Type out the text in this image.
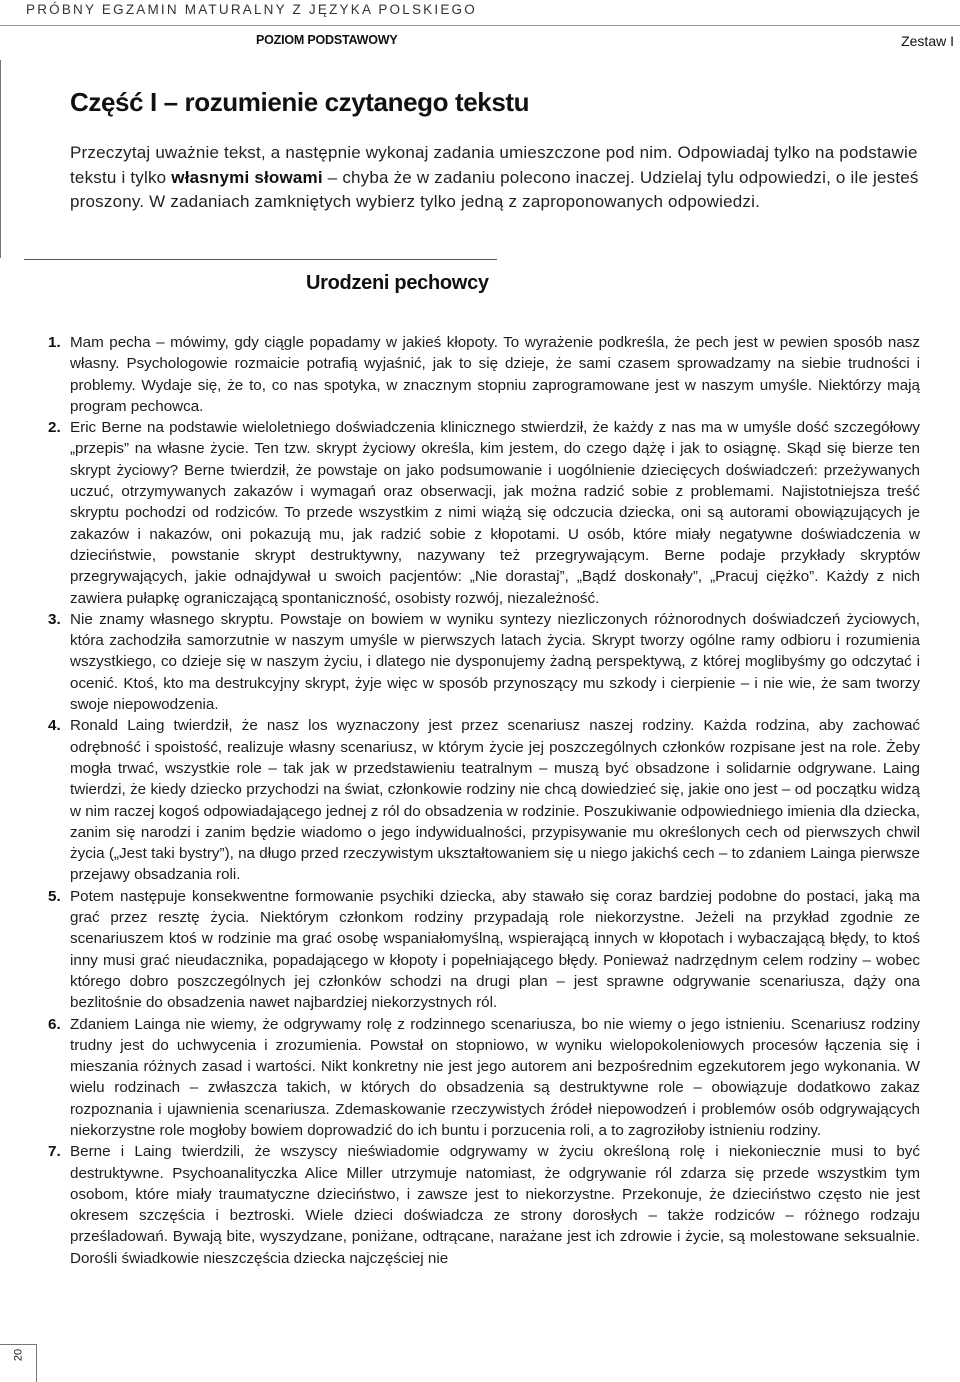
PRÓBNY EGZAMIN MATURALNY Z JĘZYKA POLSKIEGO
POZIOM PODSTAWOWY	Zestaw I
20
Część I – rozumienie czytanego tekstu

Przeczytaj uważnie tekst, a następnie wykonaj zadania umieszczone pod nim. Odpowiadaj tylko na podstawie tekstu i tylko własnymi słowami – chyba że w zadaniu polecono inaczej. Udzielaj tylu odpowiedzi, o ile jesteś proszony. W zadaniach zamkniętych wybierz tylko jedną z zaproponowanych odpowiedzi.

Urodzeni pechowcy
1. Mam pecha – mówimy, gdy ciągle popadamy w jakieś kłopoty. To wyrażenie podkreśla, że pech jest w pewien sposób nasz własny. Psychologowie rozmaicie potrafią wyjaśnić, jak to się dzieje, że sami czasem sprowadzamy na siebie trudności i problemy. Wydaje się, że to, co nas spotyka, w znacznym stopniu zaprogramowane jest w naszym umyśle. Niektórzy mają program pechowca.
2. Eric Berne na podstawie wieloletniego doświadczenia klinicznego stwierdził, że każdy z nas ma w umyśle dość szczegółowy „przepis” na własne życie. Ten tzw. skrypt życiowy określa, kim jestem, do czego dążę i jak to osiągnę. Skąd się bierze ten skrypt życiowy? Berne twierdził, że powstaje on jako podsumowanie i uogólnienie dziecięcych doświadczeń: przeżywanych uczuć, otrzymywanych zakazów i wymagań oraz obserwacji, jak można radzić sobie z problemami. Najistotniejsza treść skryptu pochodzi od rodziców. To przede wszystkim z nimi wiążą się odczucia dziecka, oni są autorami obowiązujących je zakazów i nakazów, oni pokazują mu, jak radzić sobie z kłopotami. U osób, które miały negatywne doświadczenia w dzieciństwie, powstanie skrypt destruktywny, nazywany też przegrywającym. Berne podaje przykłady skryptów przegrywających, jakie odnajdywał u swoich pacjentów: „Nie dorastaj”, „Bądź doskonały”, „Pracuj ciężko”. Każdy z nich zawiera pułapkę ograniczającą spontaniczność, osobisty rozwój, niezależność.
3. Nie znamy własnego skryptu. Powstaje on bowiem w wyniku syntezy niezliczonych różnorodnych doświadczeń życiowych, która zachodziła samorzutnie w naszym umyśle w pierwszych latach życia. Skrypt tworzy ogólne ramy odbioru i rozumienia wszystkiego, co dzieje się w naszym życiu, i dlatego nie dysponujemy żadną perspektywą, z której moglibyśmy go odczytać i ocenić. Ktoś, kto ma destrukcyjny skrypt, żyje więc w sposób przynoszący mu szkody i cierpienie – i nie wie, że sam tworzy swoje niepowodzenia.
4. Ronald Laing twierdził, że nasz los wyznaczony jest przez scenariusz naszej rodziny. Każda rodzina, aby zachować odrębność i spoistość, realizuje własny scenariusz, w którym życie jej poszczególnych członków rozpisane jest na role. Żeby mogła trwać, wszystkie role – tak jak w przedstawieniu teatralnym – muszą być obsadzone i solidarnie odgrywane. Laing twierdzi, że kiedy dziecko przychodzi na świat, członkowie rodziny nie chcą dowiedzieć się, jakie ono jest – od początku widzą w nim raczej kogoś odpowiadającego jednej z ról do obsadzenia w rodzinie. Poszukiwanie odpowiedniego imienia dla dziecka, zanim się narodzi i zanim będzie wiadomo o jego indywidualności, przypisywanie mu określonych cech od pierwszych chwil życia („Jest taki bystry”), na długo przed rzeczywistym ukształtowaniem się u niego jakichś cech – to zdaniem Lainga pierwsze przejawy obsadzania roli.
5. Potem następuje konsekwentne formowanie psychiki dziecka, aby stawało się coraz bardziej podobne do postaci, jaką ma grać przez resztę życia. Niektórym członkom rodziny przypadają role niekorzystne. Jeżeli na przykład zgodnie ze scenariuszem ktoś w rodzinie ma grać osobę wspaniałomyślną, wspierającą innych w kłopotach i wybaczającą błędy, to ktoś inny musi grać nieudacznika, popadającego w kłopoty i popełniającego błędy. Ponieważ nadrzędnym celem rodziny – wobec którego dobro poszczególnych jej członków schodzi na drugi plan – jest sprawne odgrywanie scenariusza, dąży ona bezlitośnie do obsadzenia nawet najbardziej niekorzystnych ról.
6. Zdaniem Lainga nie wiemy, że odgrywamy rolę z rodzinnego scenariusza, bo nie wiemy o jego istnieniu. Scenariusz rodziny trudny jest do uchwycenia i zrozumienia. Powstał on stopniowo, w wyniku wielopokoleniowych procesów łączenia się i mieszania różnych zasad i wartości. Nikt konkretny nie jest jego autorem ani bezpośrednim egzekutorem jego wykonania. W wielu rodzinach – zwłaszcza takich, w których do obsadzenia są destruktywne role – obowiązuje dodatkowo zakaz rozpoznania i ujawnienia scenariusza. Zdemaskowanie rzeczywistych źródeł niepowodzeń i problemów osób odgrywających niekorzystne role mogłoby bowiem doprowadzić do ich buntu i porzucenia roli, a to zagroziłoby istnieniu rodziny.
7. Berne i Laing twierdzili, że wszyscy nieświadomie odgrywamy w życiu określoną rolę i niekoniecznie musi to być destruktywne. Psychoanalityczka Alice Miller utrzymuje natomiast, że odgrywanie ról zdarza się przede wszystkim tym osobom, które miały traumatyczne dzieciństwo, i zawsze jest to niekorzystne. Przekonuje, że dzieciństwo często nie jest okresem szczęścia i beztroski. Wiele dzieci doświadcza ze strony dorosłych – także rodziców – różnego rodzaju prześladowań. Bywają bite, wyszydzane, poniżane, odtrącane, narażane jest ich zdrowie i życie, są molestowane seksualnie. Dorośli świadkowie nieszczęścia dziecka najczęściej nie
